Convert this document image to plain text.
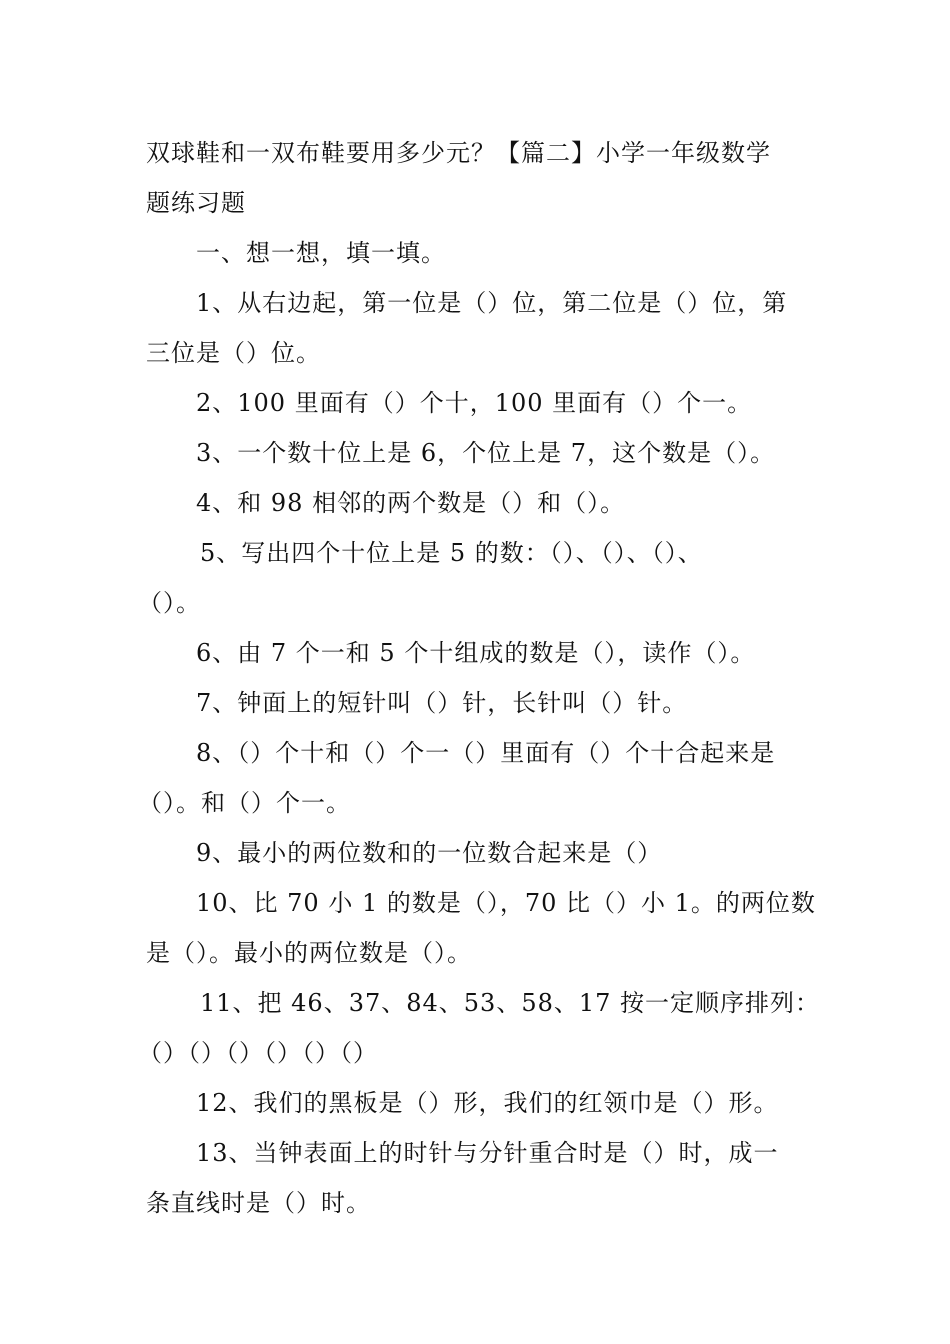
双球鞋和一双布鞋要用多少元？【篇二】小学一年级数学
题练习题
一、想一想，填一填。
1、从右边起，第一位是（）位，第二位是（）位，第
三位是（）位。
2、100 里面有（）个十，100 里面有（）个一。
3、一个数十位上是 6，个位上是 7，这个数是（）。
4、和 98 相邻的两个数是（）和（）。
5、写出四个十位上是 5 的数：（）、（）、（）、
（）。
6、由 7 个一和 5 个十组成的数是（），读作（）。
7、钟面上的短针叫（）针，长针叫（）针。
8、（）个十和（）个一（）里面有（）个十合起来是
（）。和（）个一。
9、最小的两位数和的一位数合起来是（）
10、比 70 小 1 的数是（），70 比（）小 1。的两位数
是（）。最小的两位数是（）。
11、把 46、37、84、53、58、17 按一定顺序排列：
（）（）（）（）（）（）
12、我们的黑板是（）形，我们的红领巾是（）形。
13、当钟表面上的时针与分针重合时是（）时，成一
条直线时是（）时。
